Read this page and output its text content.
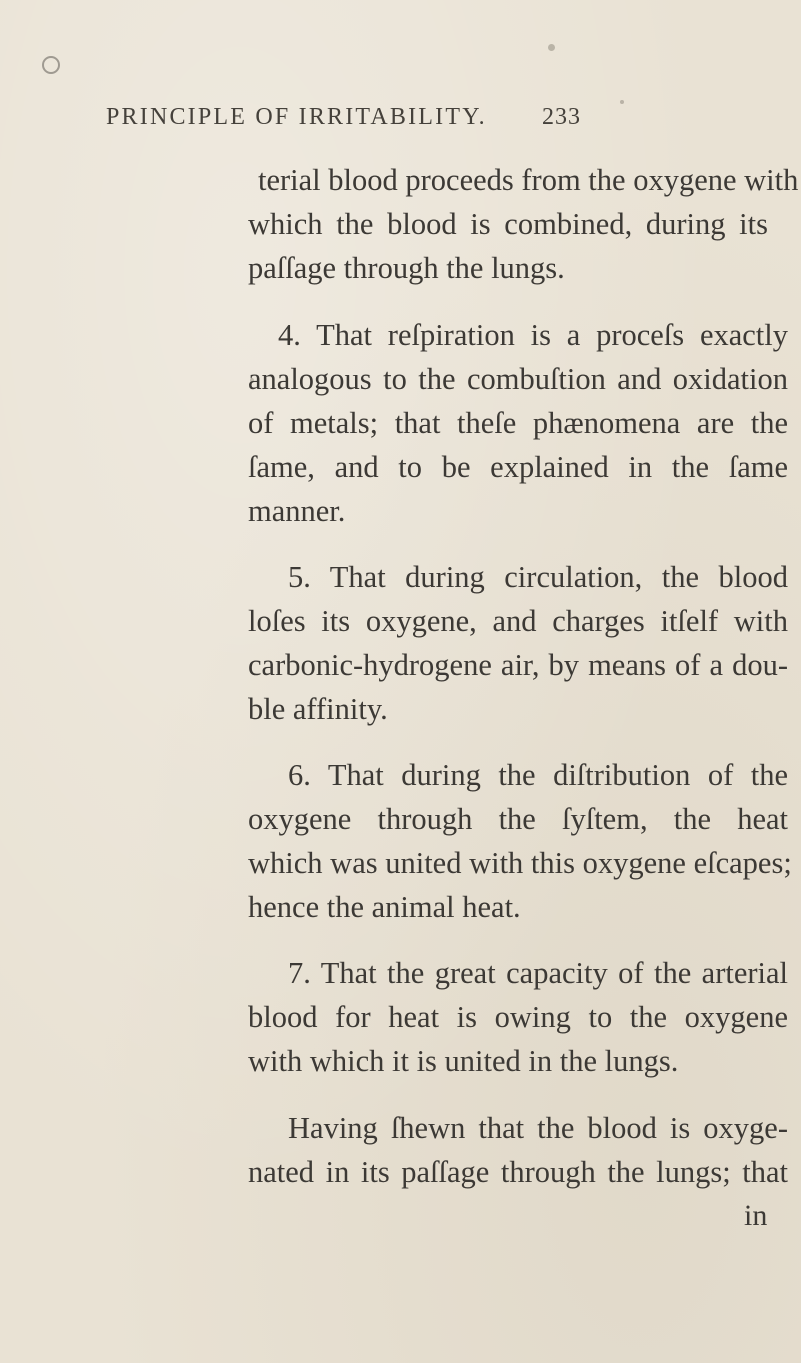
PRINCIPLE OF IRRITABILITY. 233
terial blood proceeds from the oxygene with
which the blood is combined, during its
paſſage through the lungs.
4. That reſpiration is a proceſs exactly
analogous to the combuſtion and oxidation
of metals; that theſe phænomena are the
ſame, and to be explained in the ſame
manner.
5. That during circulation, the blood
loſes its oxygene, and charges itſelf with
carbonic-hydrogene air, by means of a dou-
ble affinity.
6. That during the diſtribution of the
oxygene through the ſyſtem, the heat
which was united with this oxygene eſcapes;
hence the animal heat.
7. That the great capacity of the arterial
blood for heat is owing to the oxygene
with which it is united in the lungs.
Having ſhewn that the blood is oxyge-
nated in its paſſage through the lungs; that
in
